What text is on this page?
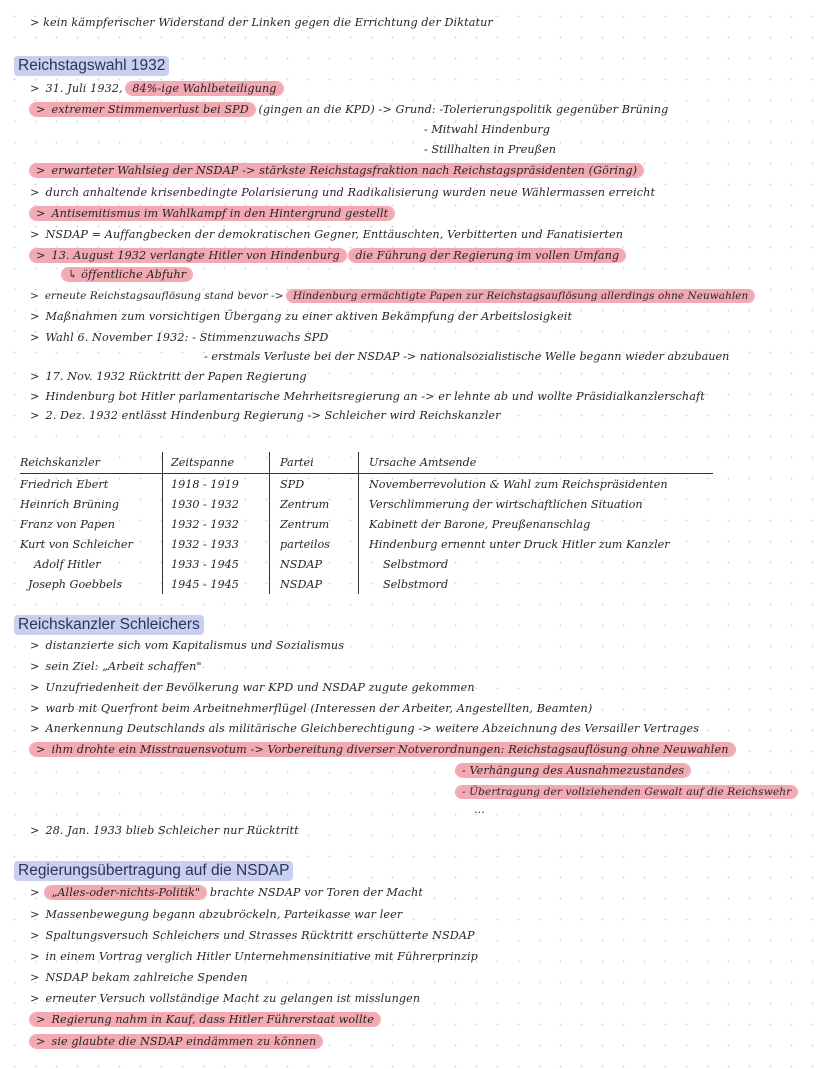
> kein kämpferischer Widerstand der Linken gegen die Errichtung der Diktatur
Reichstagswahl 1932
> 31. Juli 1932, 84%-ige Wahlbeteiligung
> extremer Stimmenverlust bei SPD (gingen an die KPD) -> Grund: -Tolerierungspolitik gegenüber Brüning
- Mitwahl Hindenburg
- Stillhalten in Preußen
> erwarteter Wahlsieg der NSDAP -> stärkste Reichstagsfraktion nach Reichstagspräsidenten (Göring)
> durch anhaltende krisenbedingte Polarisierung und Radikalisierung wurden neue Wählermassen erreicht
> Antisemitismus im Wahlkampf in den Hintergrund gestellt
> NSDAP = Auffangbecken der demokratischen Gegner, Enttäuschten, Verbitterten und Fanatisierten
> 13. August 1932 verlangte Hitler von Hindenburg die Führung der Regierung im vollen Umfang
↳ öffentliche Abfuhr
> erneute Reichstagsauflösung stand bevor -> Hindenburg ermächtigte Papen zur Reichstagsauflösung allerdings ohne Neuwahlen
> Maßnahmen zum vorsichtigen Übergang zu einer aktiven Bekämpfung der Arbeitslosigkeit
> Wahl 6. November 1932: - Stimmenzuwachs SPD
- erstmals Verluste bei der NSDAP -> nationalsozialistische Welle begann wieder abzubauen
> 17. Nov. 1932 Rücktritt der Papen Regierung
> Hindenburg bot Hitler parlamentarische Mehrheitsregierung an -> er lehnte ab und wollte Präsidialkanzlerschaft
> 2. Dez. 1932 entlässt Hindenburg Regierung -> Schleicher wird Reichskanzler
Reichskanzler	Zeitspanne	Partei	Ursache Amtsende
Friedrich Ebert	1918 - 1919	SPD	Novemberrevolution & Wahl zum Reichspräsidenten
Heinrich Brüning	1930 - 1932	Zentrum	Verschlimmerung der wirtschaftlichen Situation
Franz von Papen	1932 - 1932	Zentrum	Kabinett der Barone, Preußenanschlag
Kurt von Schleicher	1932 - 1933	parteilos	Hindenburg ernennt unter Druck Hitler zum Kanzler
Adolf Hitler	1933 - 1945	NSDAP	Selbstmord
Joseph Goebbels	1945 - 1945	NSDAP	Selbstmord
Reichskanzler Schleichers
> distanzierte sich vom Kapitalismus und Sozialismus
> sein Ziel: „Arbeit schaffen"
> Unzufriedenheit der Bevölkerung war KPD und NSDAP zugute gekommen
> warb mit Querfront beim Arbeitnehmerflügel (Interessen der Arbeiter, Angestellten, Beamten)
> Anerkennung Deutschlands als militärische Gleichberechtigung -> weitere Abzeichnung des Versailler Vertrages
> ihm drohte ein Misstrauensvotum -> Vorbereitung diverser Notverordnungen: Reichstagsauflösung ohne Neuwahlen
- Verhängung des Ausnahmezustandes
- Übertragung der vollziehenden Gewalt auf die Reichswehr
...
> 28. Jan. 1933 blieb Schleicher nur Rücktritt
Regierungsübertragung auf die NSDAP
> „Alles-oder-nichts-Politik" brachte NSDAP vor Toren der Macht
> Massenbewegung begann abzubröckeln, Parteikasse war leer
> Spaltungsversuch Schleichers und Strasses Rücktritt erschütterte NSDAP
> in einem Vortrag verglich Hitler Unternehmensinitiative mit Führerprinzip
> NSDAP bekam zahlreiche Spenden
> erneuter Versuch vollständige Macht zu gelangen ist misslungen
> Regierung nahm in Kauf, dass Hitler Führerstaat wollte
> sie glaubte die NSDAP eindämmen zu können
